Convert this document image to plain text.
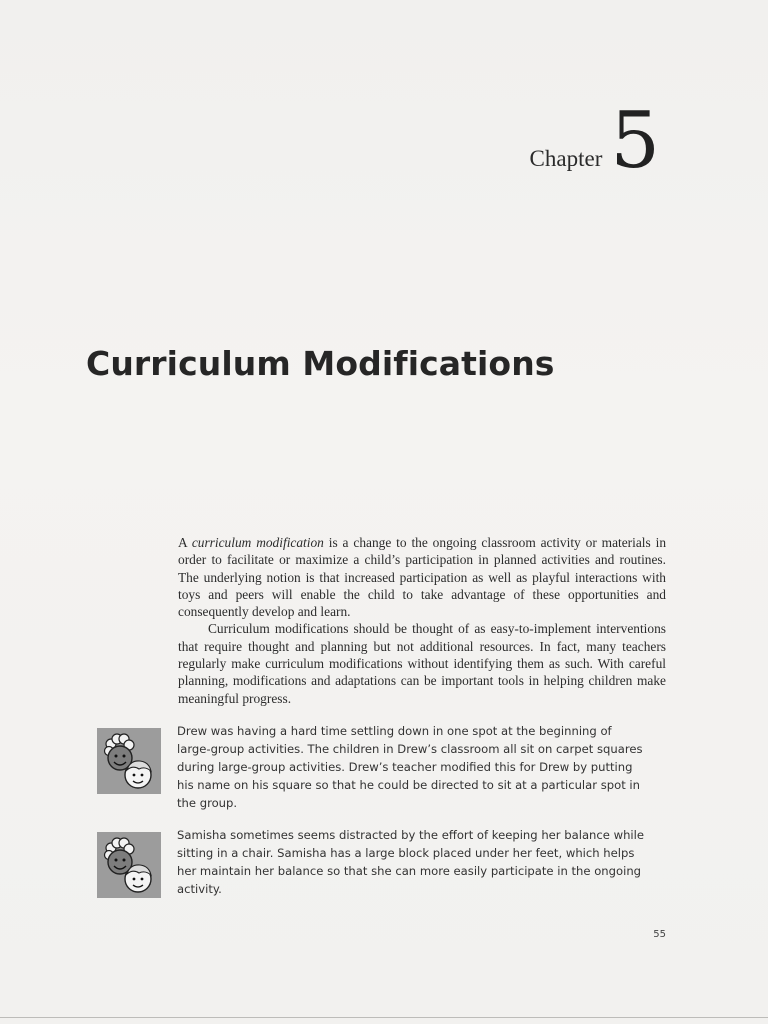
Chapter 5
Curriculum Modifications

A curriculum modification is a change to the ongoing classroom activity or materials in order to facilitate or maximize a child’s participation in planned activities and routines. The underlying notion is that increased participation as well as playful interactions with toys and peers will enable the child to take advantage of these opportunities and consequently develop and learn.

Curriculum modifications should be thought of as easy-to-implement interventions that require thought and planning but not additional resources. In fact, many teachers regularly make curriculum modifications without identifying them as such. With careful planning, modifications and adaptations can be important tools in helping children make meaningful progress.

Drew was having a hard time settling down in one spot at the beginning of large-group activities. The children in Drew’s classroom all sit on carpet squares during large-group activities. Drew’s teacher modified this for Drew by putting his name on his square so that he could be directed to sit at a particular spot in the group.
Samisha sometimes seems distracted by the effort of keeping her balance while sitting in a chair. Samisha has a large block placed under her feet, which helps her maintain her balance so that she can more easily participate in the ongoing activity.
55
